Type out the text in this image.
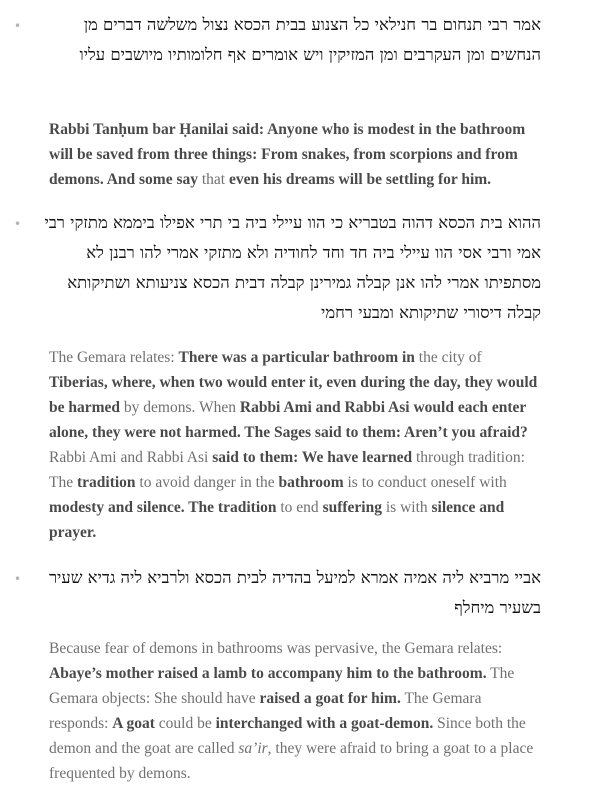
•	אמר רבי תנחום בר חנילאי כל הצנוע בבית הכסא נצול משלשה דברים מן הנחשים ומן העקרבים ומן המזיקין ויש אומרים אף חלומותיו מיושבים עליו

Rabbi Tanḥum bar Ḥanilai said: Anyone who is modest in the bathroom will be saved from three things: From snakes, from scorpions and from demons. And some say that even his dreams will be settling for him.

• ההוא בית הכסא דהוה בטבריא כי הוו עיילי ביה בי תרי אפילו ביממא מתזקי רבי אמי ורבי אסי הוו עיילי ביה חד וחד לחודיה ולא מתזקי אמרי להו רבנן לא מסתפיתו אמרי להו אנן קבלה גמירינן קבלה דבית הכסא צניעותא ושתיקותא קבלה דיסורי שתיקותא ומבעי רחמי

The Gemara relates: There was a particular bathroom in the city of Tiberias, where, when two would enter it, even during the day, they would be harmed by demons. When Rabbi Ami and Rabbi Asi would each enter alone, they were not harmed. The Sages said to them: Aren’t you afraid? Rabbi Ami and Rabbi Asi said to them: We have learned through tradition: The tradition to avoid danger in the bathroom is to conduct oneself with modesty and silence. The tradition to end suffering is with silence and prayer.

•	אביי מרביא ליה אמיה אמרא למיעל בהדיה לבית הכסא ולרביא ליה גדיא שעיר בשעיר מיחלף

Because fear of demons in bathrooms was pervasive, the Gemara relates: Abaye’s mother raised a lamb to accompany him to the bathroom. The Gemara objects: She should have raised a goat for him. The Gemara responds: A goat could be interchanged with a goat-demon. Since both the demon and the goat are called sa’ir, they were afraid to bring a goat to a place frequented by demons.
